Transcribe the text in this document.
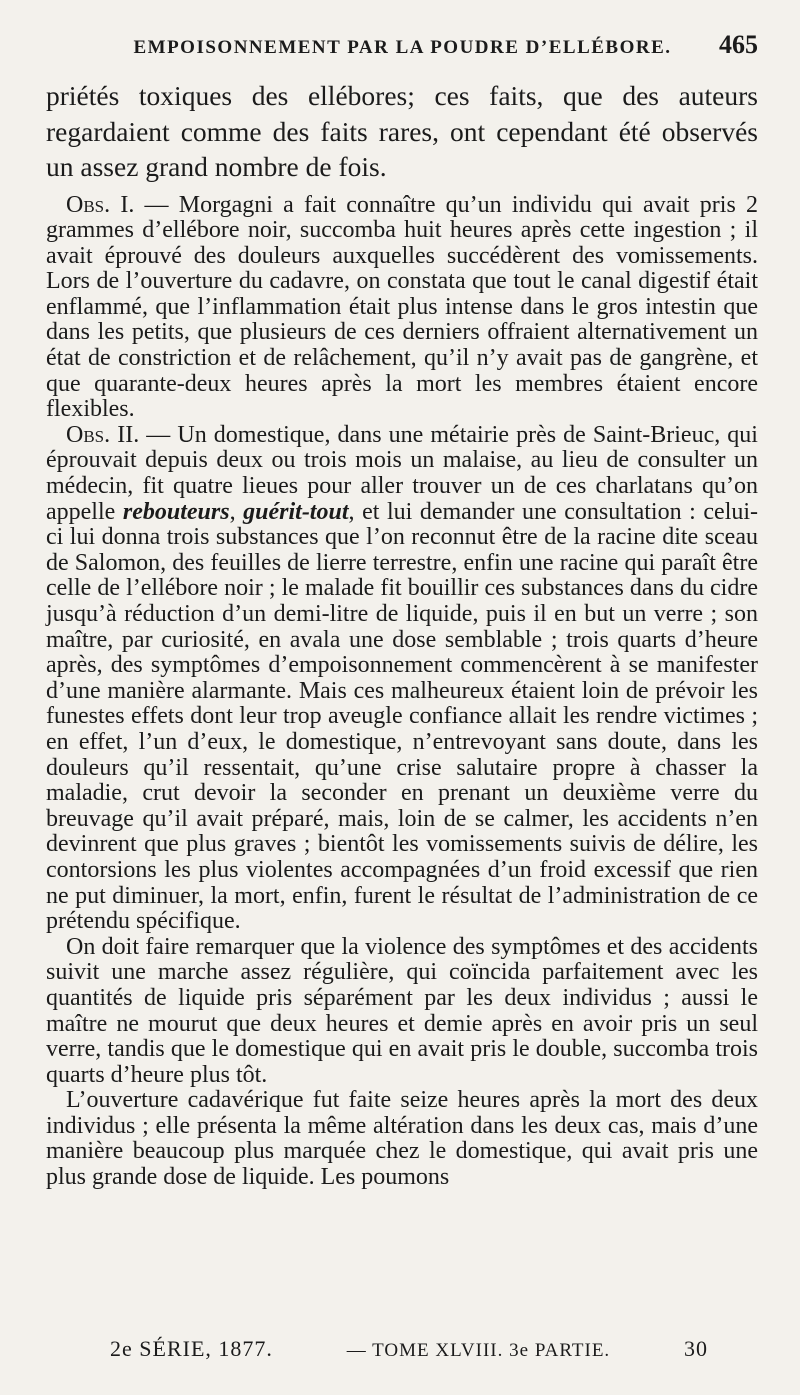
EMPOISONNEMENT PAR LA POUDRE D’ELLÉBORE.	465

priétés toxiques des ellébores; ces faits, que des auteurs regardaient comme des faits rares, ont cependant été observés un assez grand nombre de fois.

Obs. I. — Morgagni a fait connaître qu’un individu qui avait pris 2 grammes d’ellébore noir, succomba huit heures après cette ingestion ; il avait éprouvé des douleurs auxquelles succédèrent des vomissements. Lors de l’ouverture du cadavre, on constata que tout le canal digestif était enflammé, que l’inflammation était plus intense dans le gros intestin que dans les petits, que plusieurs de ces derniers offraient alternativement un état de constriction et de relâchement, qu’il n’y avait pas de gangrène, et que quarante-deux heures après la mort les membres étaient encore flexibles.

Obs. II. — Un domestique, dans une métairie près de Saint-Brieuc, qui éprouvait depuis deux ou trois mois un malaise, au lieu de consulter un médecin, fit quatre lieues pour aller trouver un de ces charlatans qu’on appelle rebouteurs, guérit-tout, et lui demander une consultation : celui-ci lui donna trois substances que l’on reconnut être de la racine dite sceau de Salomon, des feuilles de lierre terrestre, enfin une racine qui paraît être celle de l’ellébore noir ; le malade fit bouillir ces substances dans du cidre jusqu’à réduction d’un demi-litre de liquide, puis il en but un verre ; son maître, par curiosité, en avala une dose semblable ; trois quarts d’heure après, des symptômes d’empoisonnement commencèrent à se manifester d’une manière alarmante. Mais ces malheureux étaient loin de prévoir les funestes effets dont leur trop aveugle confiance allait les rendre victimes ; en effet, l’un d’eux, le domestique, n’entrevoyant sans doute, dans les douleurs qu’il ressentait, qu’une crise salutaire propre à chasser la maladie, crut devoir la seconder en prenant un deuxième verre du breuvage qu’il avait préparé, mais, loin de se calmer, les accidents n’en devinrent que plus graves ; bientôt les vomissements suivis de délire, les contorsions les plus violentes accompagnées d’un froid excessif que rien ne put diminuer, la mort, enfin, furent le résultat de l’administration de ce prétendu spécifique.

On doit faire remarquer que la violence des symptômes et des accidents suivit une marche assez régulière, qui coïncida parfaitement avec les quantités de liquide pris séparément par les deux individus ; aussi le maître ne mourut que deux heures et demie après en avoir pris un seul verre, tandis que le domestique qui en avait pris le double, succomba trois quarts d’heure plus tôt.

L’ouverture cadavérique fut faite seize heures après la mort des deux individus ; elle présenta la même altération dans les deux cas, mais d’une manière beaucoup plus marquée chez le domestique, qui avait pris une plus grande dose de liquide. Les poumons

2e SÉRIE, 1877.	— TOME XLVIII. 3e PARTIE.	30
